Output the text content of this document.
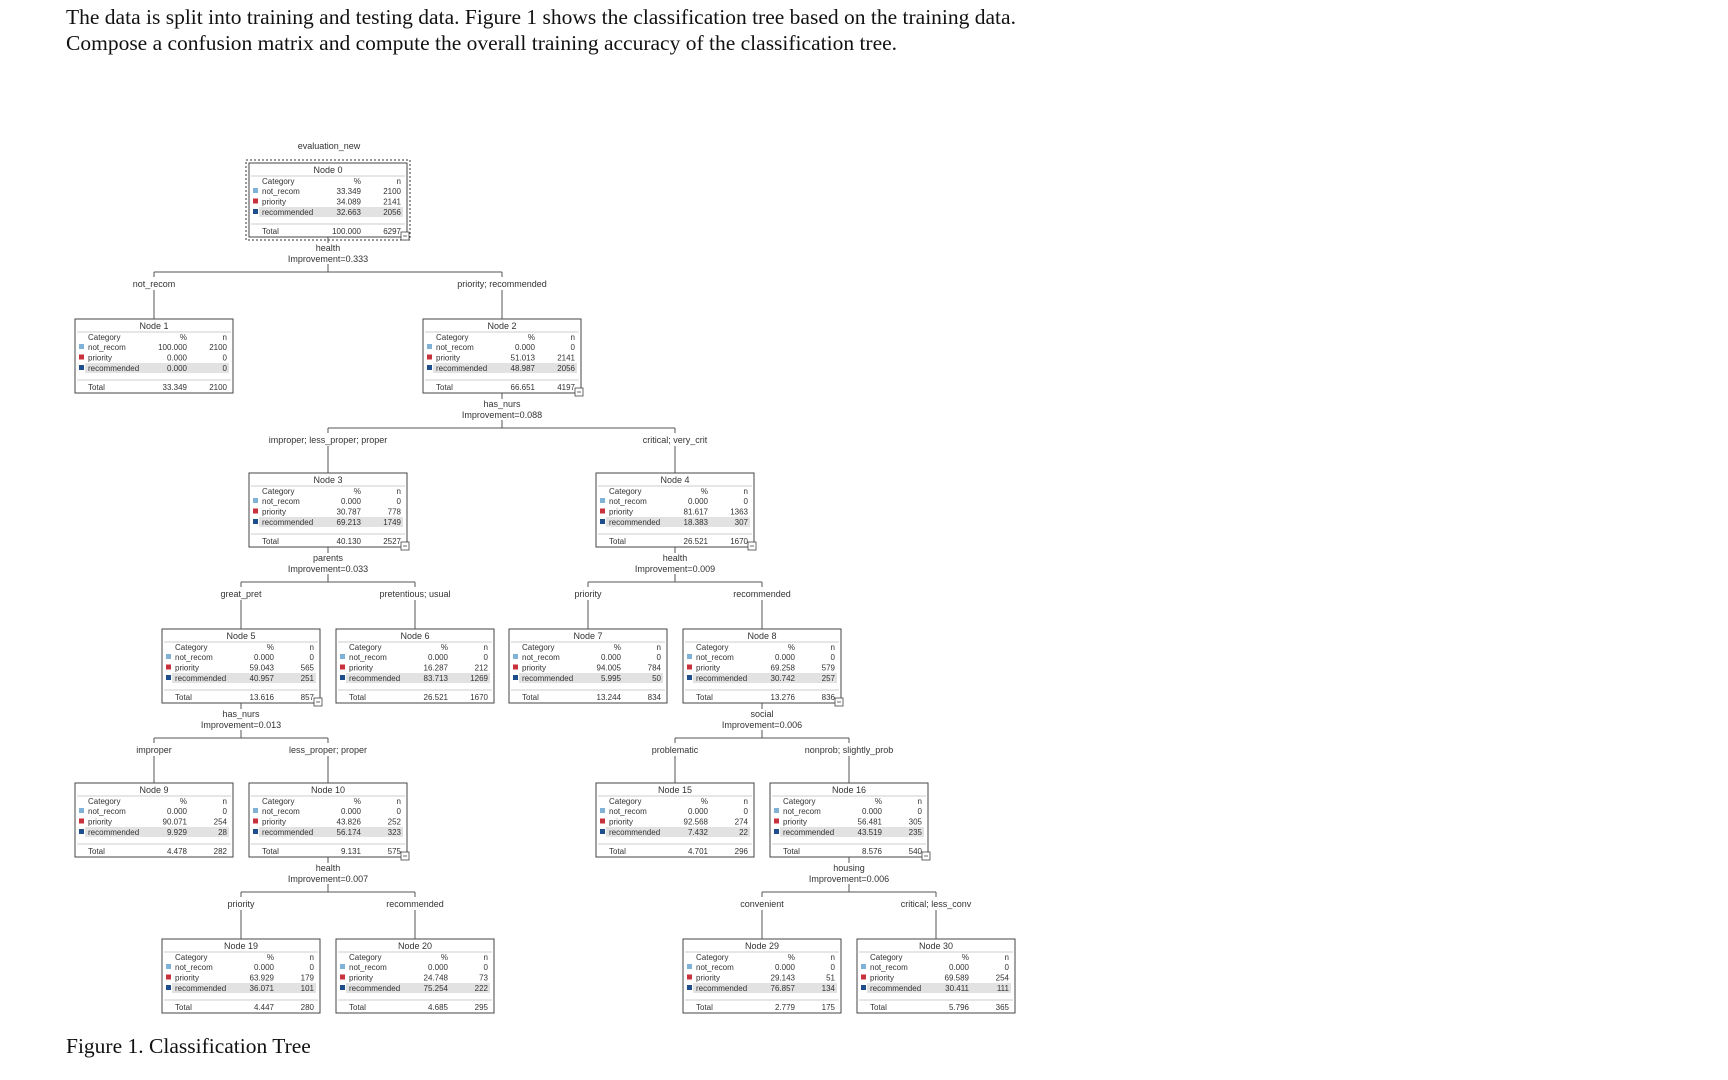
The data is split into training and testing data. Figure 1 shows the classification tree based on the training data. Compose a confusion matrix and compute the overall training accuracy of the classification tree.
evaluation_new
Node 0
Category	%	n
not_recom	33.349	2100
priority	34.089	2141
recommended	32.663	2056
Total	100.000	6297
Node 1
Category	%	n
not_recom	100.000	2100
priority	0.000	0
recommended	0.000	0
Total	33.349	2100
Node 2
Category	%	n
not_recom	0.000	0
priority	51.013	2141
recommended	48.987	2056
Total	66.651	4197
Node 3
Category	%	n
not_recom	0.000	0
priority	30.787	778
recommended	69.213	1749
Total	40.130	2527
Node 4
Category	%	n
not_recom	0.000	0
priority	81.617	1363
recommended	18.383	307
Total	26.521	1670
Node 5
Category	%	n
not_recom	0.000	0
priority	59.043	565
recommended	40.957	251
Total	13.616	857
Node 6
Category	%	n
not_recom	0.000	0
priority	16.287	212
recommended	83.713	1269
Total	26.521	1670
Node 7
Category	%	n
not_recom	0.000	0
priority	94.005	784
recommended	5.995	50
Total	13.244	834
Node 8
Category	%	n
not_recom	0.000	0
priority	69.258	579
recommended	30.742	257
Total	13.276	836
Node 9
Category	%	n
not_recom	0.000	0
priority	90.071	254
recommended	9.929	28
Total	4.478	282
Node 10
Category	%	n
not_recom	0.000	0
priority	43.826	252
recommended	56.174	323
Total	9.131	575
Node 15
Category	%	n
not_recom	0.000	0
priority	92.568	274
recommended	7.432	22
Total	4.701	296
Node 16
Category	%	n
not_recom	0.000	0
priority	56.481	305
recommended	43.519	235
Total	8.576	540
Node 19
Category	%	n
not_recom	0.000	0
priority	63.929	179
recommended	36.071	101
Total	4.447	280
Node 20
Category	%	n
not_recom	0.000	0
priority	24.748	73
recommended	75.254	222
Total	4.685	295
Node 29
Category	%	n
not_recom	0.000	0
priority	29.143	51
recommended	76.857	134
Total	2.779	175
Node 30
Category	%	n
not_recom	0.000	0
priority	69.589	254
recommended	30.411	111
Total	5.796	365
health
Improvement=0.333
not_recom	priority; recommended
has_nurs
Improvement=0.088
improper; less_proper; proper	critical; very_crit
parents
Improvement=0.033
great_pret	pretentious; usual
health
Improvement=0.009
priority	recommended
has_nurs
Improvement=0.013
improper	less_proper; proper
social
Improvement=0.006
problematic	nonprob; slightly_prob
health
Improvement=0.007
priority	recommended
housing
Improvement=0.006
convenient	critical; less_conv
Figure 1. Classification Tree
